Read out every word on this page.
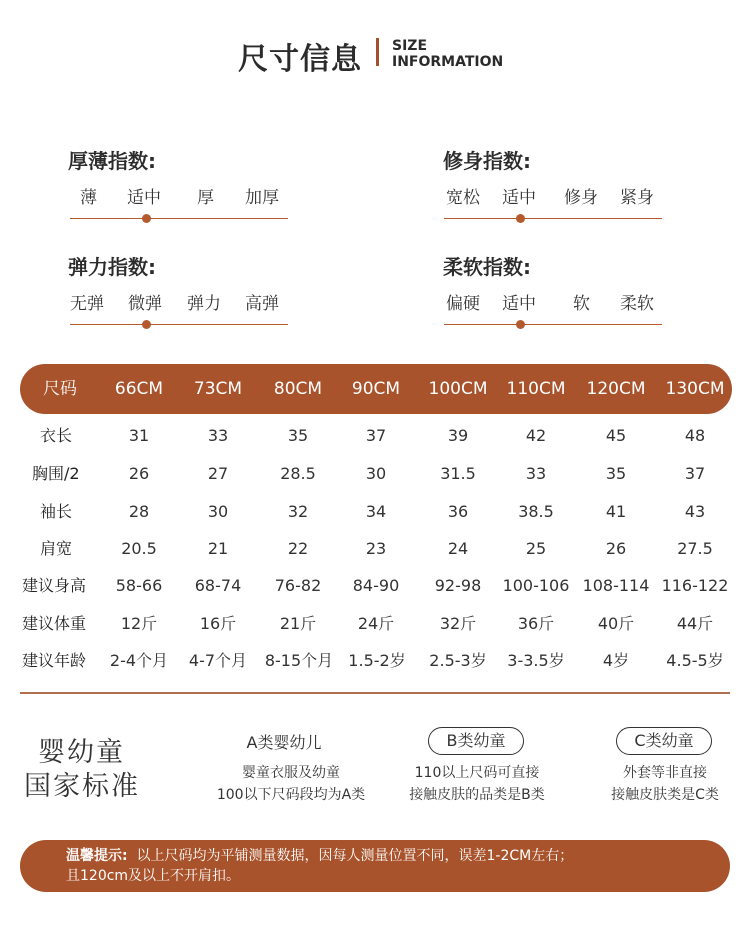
尺寸信息 SIZE
INFORMATION
厚薄指数:
薄 适中 厚 加厚
修身指数:
宽松 适中 修身 紧身
弹力指数:
无弹 微弹 弹力 高弹
柔软指数:
偏硬 适中 软 柔软
尺码	66CM	73CM	80CM	90CM	100CM	110CM	120CM	130CM
衣长	31	33	35	37	39	42	45	48
胸围/2	26	27	28.5	30	31.5	33	35	37
袖长	28	30	32	34	36	38.5	41	43
肩宽	20.5	21	22	23	24	25	26	27.5
建议身高	58-66	68-74	76-82	84-90	92-98	100-106 108-114 116-122
建议体重	12斤	16斤	21斤	24斤	32斤	36斤	40斤	44斤
建议年龄	2-4个月	4-7个月	8-15个月 1.5-2岁	2.5-3岁	3-3.5岁	4岁	4.5-5岁
婴幼童
国家标准
A类婴幼儿
婴童衣服及幼童
100以下尺码段均为A类
B类幼童
110以上尺码可直接
接触皮肤的品类是B类
C类幼童
外套等非直接
接触皮肤类是C类
温馨提示: 以上尺码均为平铺测量数据，因每人测量位置不同，误差1-2CM左右；
且120cm及以上不开肩扣。
